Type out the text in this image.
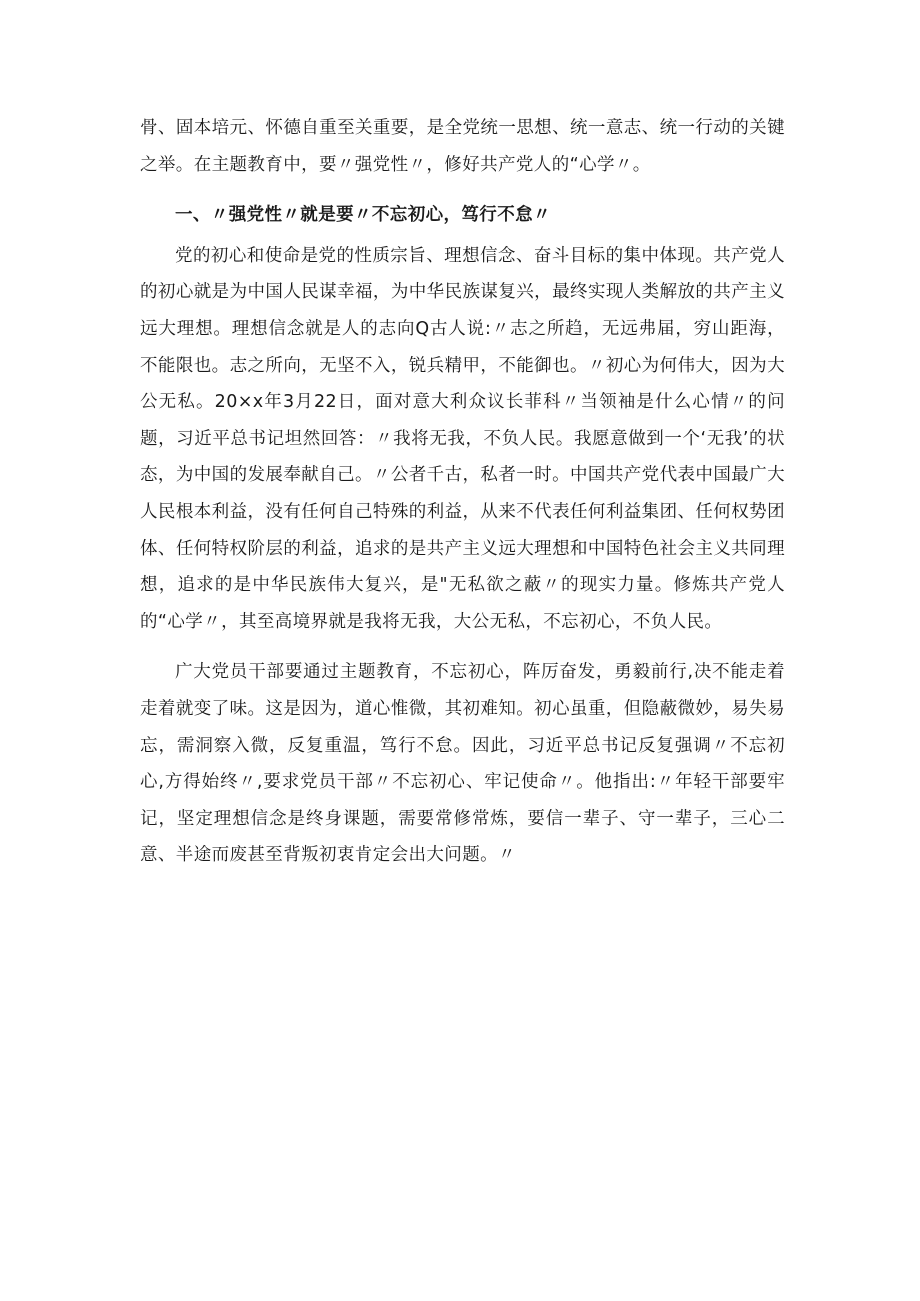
骨、固本培元、怀德自重至关重要，是全党统一思想、统一意志、统一行动的关键之举。在主题教育中，要〃强党性〃，修好共产党人的“心学〃。

一、〃强党性〃就是要〃不忘初心，笃行不怠〃

党的初心和使命是党的性质宗旨、理想信念、奋斗目标的集中体现。共产党人的初心就是为中国人民谋幸福，为中华民族谋复兴，最终实现人类解放的共产主义远大理想。理想信念就是人的志向Q古人说:〃志之所趋，无远弗届，穷山距海，不能限也。志之所向，无坚不入，锐兵精甲，不能御也。〃初心为何伟大，因为大公无私。20×x年3月22日，面对意大利众议长菲科〃当领袖是什么心情〃的问题，习近平总书记坦然回答：〃我将无我，不负人民。我愿意做到一个‘无我’的状态，为中国的发展奉献自己。〃公者千古，私者一时。中国共产党代表中国最广大人民根本利益，没有任何自己特殊的利益，从来不代表任何利益集团、任何权势团体、任何特权阶层的利益，追求的是共产主义远大理想和中国特色社会主义共同理想，追求的是中华民族伟大复兴，是"无私欲之蔽〃的现实力量。修炼共产党人的“心学〃，其至高境界就是我将无我，大公无私，不忘初心，不负人民。

广大党员干部要通过主题教育，不忘初心，阵厉奋发，勇毅前行,决不能走着走着就变了味。这是因为，道心惟微，其初难知。初心虽重，但隐蔽微妙，易失易忘，需洞察入微，反复重温，笃行不怠。因此，习近平总书记反复强调〃不忘初心,方得始终〃,要求党员干部〃不忘初心、牢记使命〃。他指出:〃年轻干部要牢记，坚定理想信念是终身课题，需要常修常炼，要信一辈子、守一辈子，三心二意、半途而废甚至背叛初衷肯定会出大问题。〃
